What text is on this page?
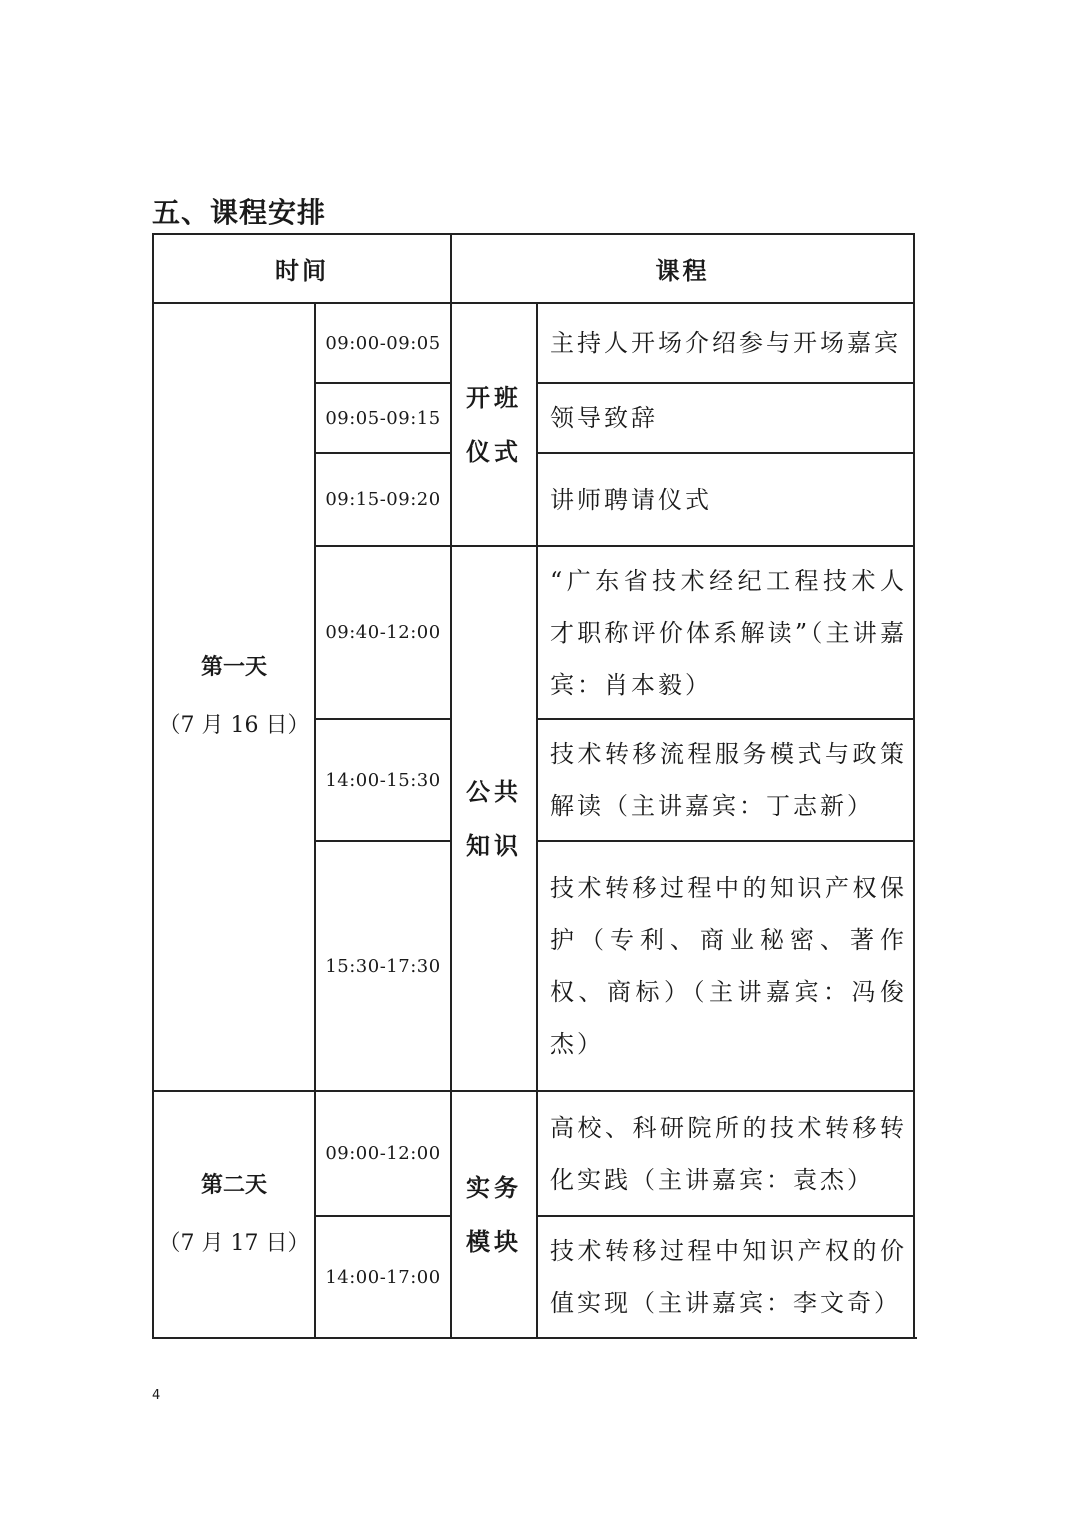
五、课程安排
时间	课程
第一天
（7 月 16 日）
09:00-09:05
09:05-09:15
09:15-09:20
09:40-12:00
14:00-15:30
15:30-17:30
开班仪式
公共知识
主持人开场介绍参与开场嘉宾
领导致辞
讲师聘请仪式
“广东省技术经纪工程技术人才职称评价体系解读”（主讲嘉宾：肖本毅）
技术转移流程服务模式与政策解读（主讲嘉宾：丁志新）
技术转移过程中的知识产权保护（专利、商业秘密、著作权、商标）（主讲嘉宾：冯俊杰）
第二天
（7 月 17 日）
09:00-12:00
14:00-17:00
实务模块
高校、科研院所的技术转移转化实践（主讲嘉宾：袁杰）
技术转移过程中知识产权的价值实现（主讲嘉宾：李文奇）
4
